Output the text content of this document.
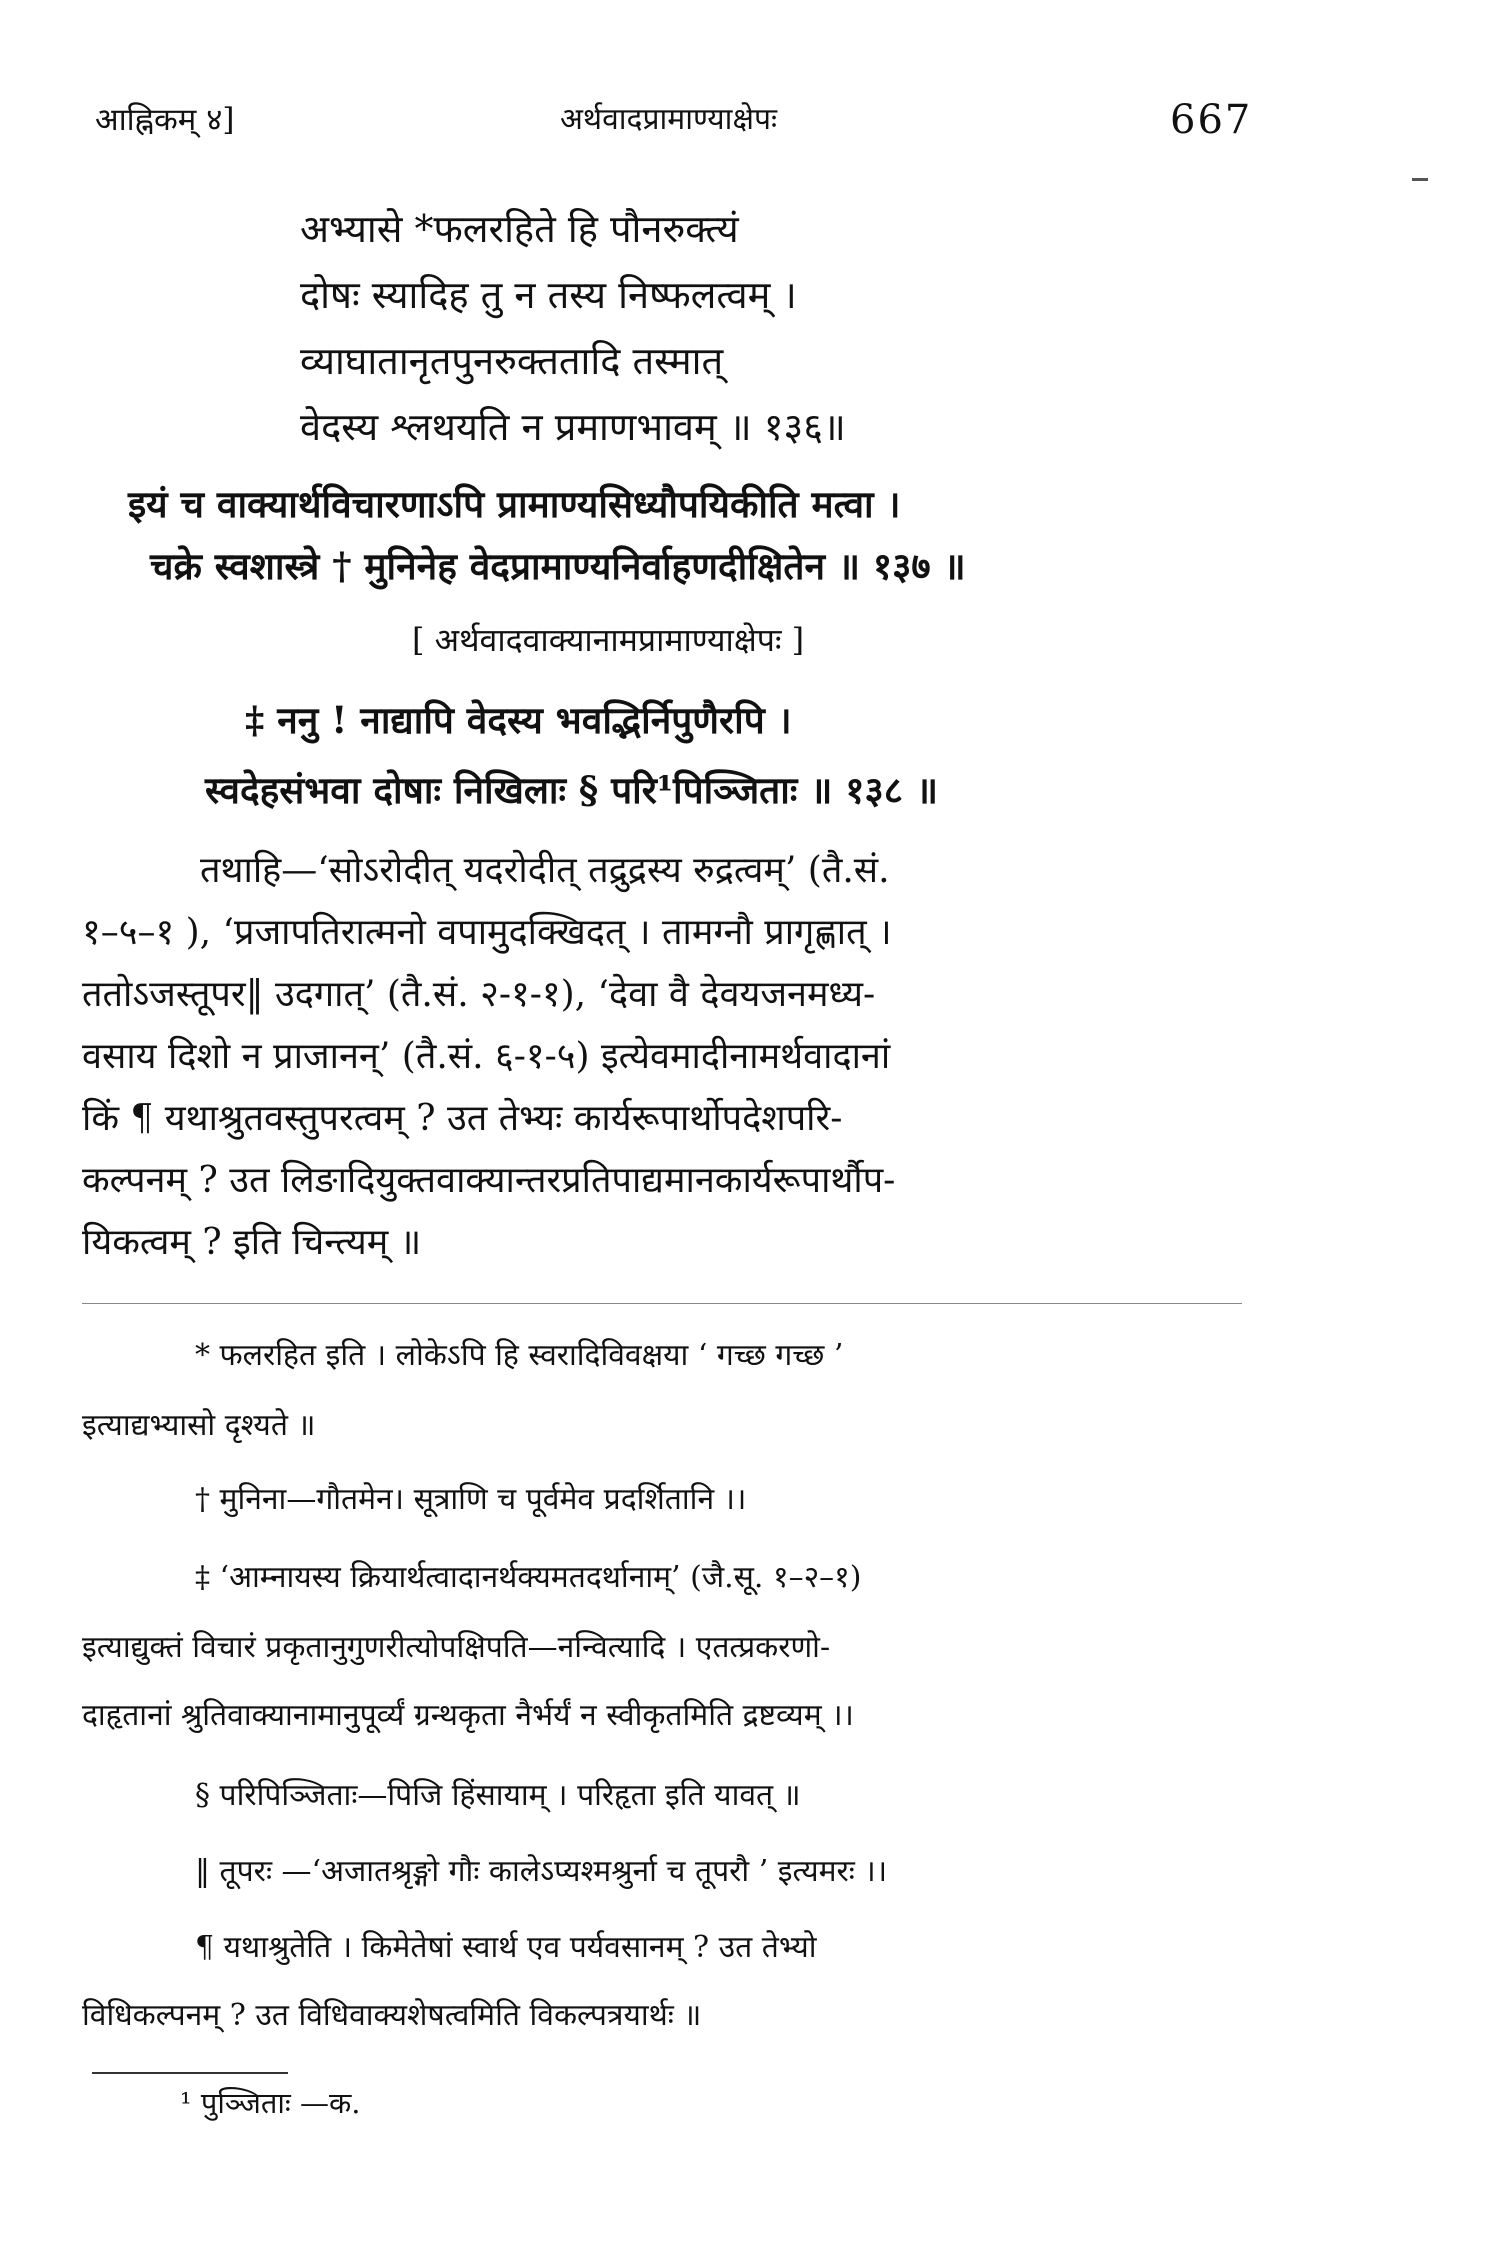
आह्निकम् ४]	अर्थवादप्रामाण्याक्षेपः	667
अभ्यासे *फलरहिते हि पौनरुक्त्यं
दोषः स्यादिह तु न तस्य निष्फलत्वम् ।
व्याघातानृतपुनरुक्ततादि तस्मात्
वेदस्य श्लथयति न प्रमाणभावम् ॥ १३६॥
इयं च वाक्यार्थविचारणाऽपि प्रामाण्यसिध्यौपयिकीति मत्वा ।
चक्रे स्वशास्त्रे † मुनिनेह वेदप्रामाण्यनिर्वाहणदीक्षितेन ॥ १३७ ॥
[ अर्थवादवाक्यानामप्रामाण्याक्षेपः ]
‡ ननु ! नाद्यापि वेदस्य भवद्भिर्निपुणैरपि ।
स्वदेहसंभवा दोषाः निखिलाः § परि¹पिञ्जिताः ॥ १३८ ॥
तथाहि—‘सोऽरोदीत् यदरोदीत् तद्रुद्रस्य रुद्रत्वम्’ (तै.सं.
१–५–१ ), ‘प्रजापतिरात्मनो वपामुदक्खिदत् । तामग्नौ प्रागृह्णात् ।
ततोऽजस्तूपर‖ उदगात्’ (तै.सं. २-१-१), ‘देवा वै देवयजनमध्य-
वसाय दिशो न प्राजानन्’ (तै.सं. ६-१-५) इत्येवमादीनामर्थवादानां
किं ¶ यथाश्रुतवस्तुपरत्वम् ? उत तेभ्यः कार्यरूपार्थोपदेशपरि-
कल्पनम् ? उत लिङादियुक्तवाक्यान्तरप्रतिपाद्यमानकार्यरूपार्थौप-
यिकत्वम् ? इति चिन्त्यम् ॥
* फलरहित इति । लोकेऽपि हि स्वरादिविवक्षया ‘ गच्छ गच्छ ’
इत्याद्यभ्यासो दृश्यते ॥
† मुनिना—गौतमेन। सूत्राणि च पूर्वमेव प्रदर्शितानि ।।
‡ ‘आम्नायस्य क्रियार्थत्वादानर्थक्यमतदर्थानाम्’ (जै.सू. १–२–१)
इत्याद्युक्तं विचारं प्रकृतानुगुणरीत्योपक्षिपति—नन्वित्यादि । एतत्प्रकरणो-
दाहृतानां श्रुतिवाक्यानामानुपूर्व्यं ग्रन्थकृता नैर्भर्यं न स्वीकृतमिति द्रष्टव्यम् ।।
§ परिपिञ्जिताः—पिजि हिंसायाम् । परिहृता इति यावत् ॥
‖ तूपरः —‘अजातश्रृङ्गो गौः कालेऽप्यश्मश्रुर्ना च तूपरौ ’ इत्यमरः ।।
¶ यथाश्रुतेति । किमेतेषां स्वार्थ एव पर्यवसानम् ? उत तेभ्यो
विधिकल्पनम् ? उत विधिवाक्यशेषत्वमिति विकल्पत्रयार्थः ॥
¹ पुञ्जिताः —क.
